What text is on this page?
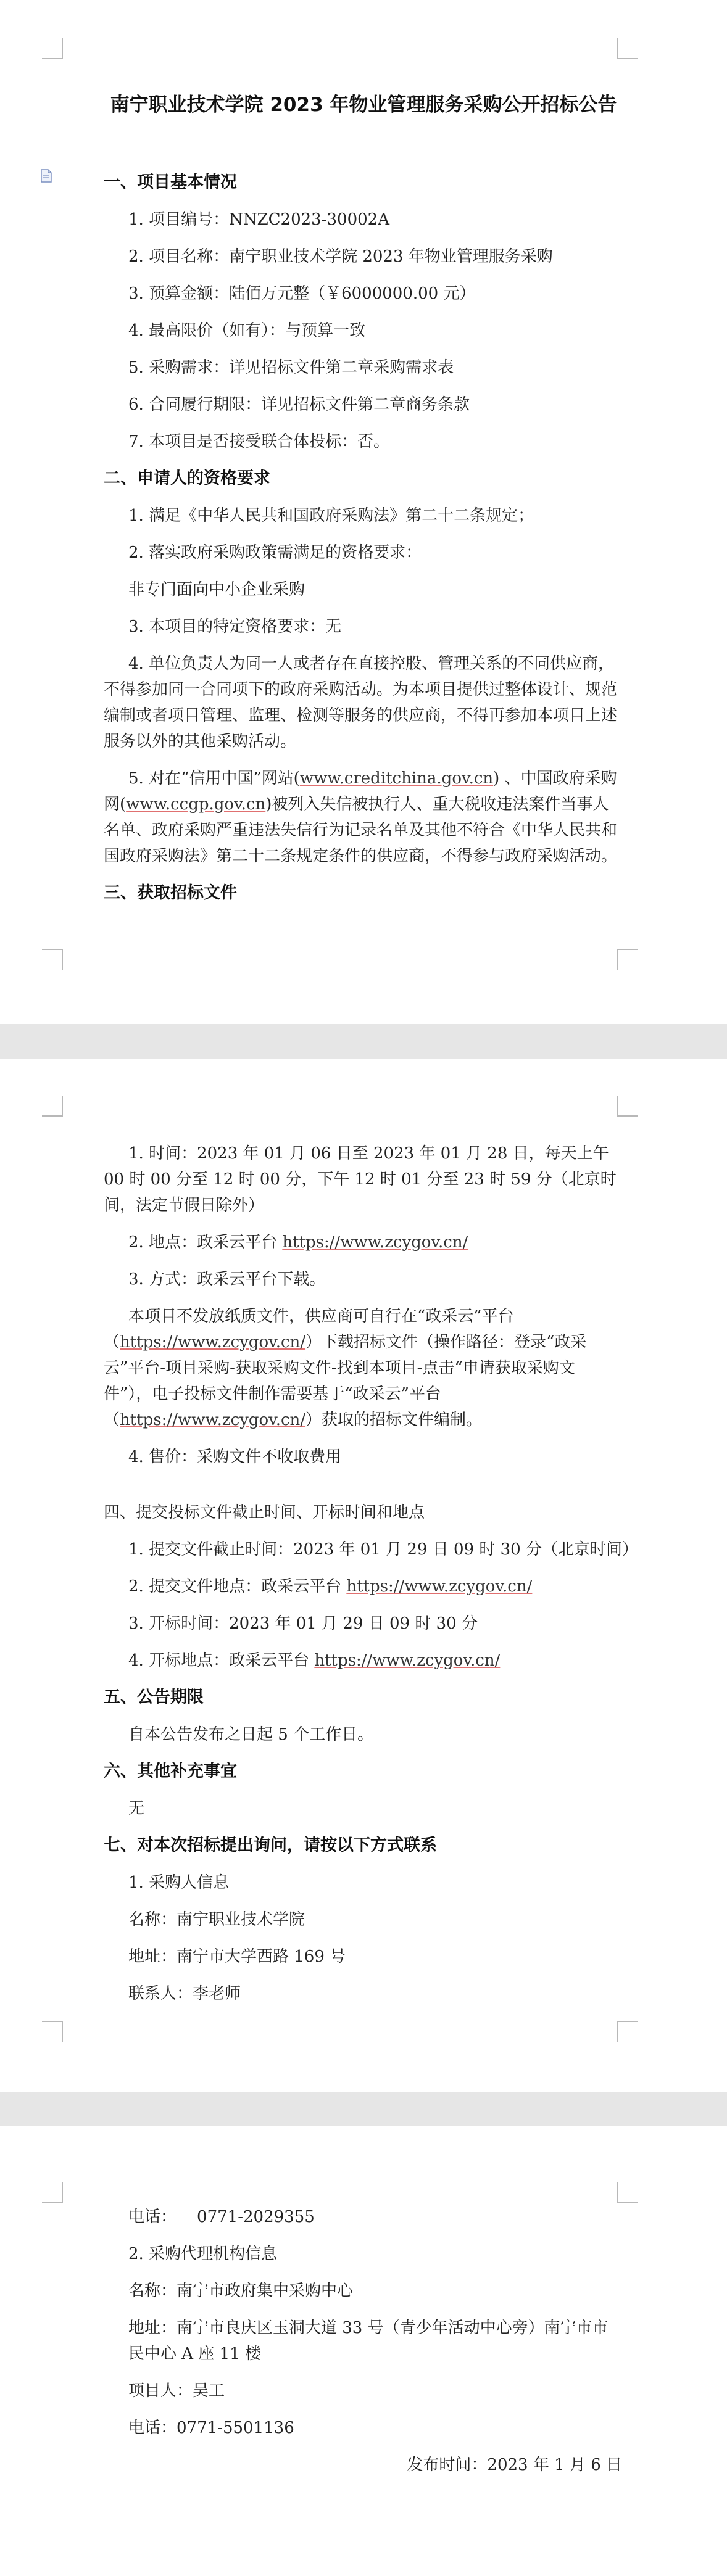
南宁职业技术学院 2023 年物业管理服务采购公开招标公告
一、项目基本情况
1. 项目编号：NNZC2023-30002A
2. 项目名称：南宁职业技术学院 2023 年物业管理服务采购
3. 预算金额：陆佰万元整（￥6000000.00 元）
4. 最高限价（如有）：与预算一致
5. 采购需求：详见招标文件第二章采购需求表
6. 合同履行期限：详见招标文件第二章商务条款
7. 本项目是否接受联合体投标：否。
二、申请人的资格要求
1. 满足《中华人民共和国政府采购法》第二十二条规定；
2. 落实政府采购政策需满足的资格要求：
非专门面向中小企业采购
3. 本项目的特定资格要求：无
4. 单位负责人为同一人或者存在直接控股、管理关系的不同供应商，不得参加同一合同项下的政府采购活动。为本项目提供过整体设计、规范编制或者项目管理、监理、检测等服务的供应商，不得再参加本项目上述服务以外的其他采购活动。
5. 对在“信用中国”网站(www.creditchina.gov.cn) 、中国政府采购网(www.ccgp.gov.cn)被列入失信被执行人、重大税收违法案件当事人名单、政府采购严重违法失信行为记录名单及其他不符合《中华人民共和国政府采购法》第二十二条规定条件的供应商，不得参与政府采购活动。
三、获取招标文件
1. 时间：2023 年 01 月 06 日至 2023 年 01 月 28 日，每天上午 00 时 00 分至 12 时 00 分，下午 12 时 01 分至 23 时 59 分（北京时间，法定节假日除外）
2. 地点：政采云平台 https://www.zcygov.cn/
3. 方式：政采云平台下载。
本项目不发放纸质文件，供应商可自行在“政采云”平台（https://www.zcygov.cn/）下载招标文件（操作路径：登录“政采云”平台-项目采购-获取采购文件-找到本项目-点击“申请获取采购文件”），电子投标文件制作需要基于“政采云”平台（https://www.zcygov.cn/）获取的招标文件编制。
4. 售价：采购文件不收取费用
四、提交投标文件截止时间、开标时间和地点
1. 提交文件截止时间：2023 年 01 月 29 日 09 时 30 分（北京时间）
2. 提交文件地点：政采云平台 https://www.zcygov.cn/
3. 开标时间：2023 年 01 月 29 日 09 时 30 分
4. 开标地点：政采云平台 https://www.zcygov.cn/
五、公告期限
自本公告发布之日起 5 个工作日。
六、其他补充事宜
无
七、对本次招标提出询问，请按以下方式联系
1. 采购人信息
名称：南宁职业技术学院
地址：南宁市大学西路 169 号
联系人：李老师
电话：    0771-2029355
2. 采购代理机构信息
名称：南宁市政府集中采购中心
地址：南宁市良庆区玉洞大道 33 号（青少年活动中心旁）南宁市市民中心 A 座 11 楼
项目人：吴工
电话：0771-5501136
发布时间：2023 年 1 月 6 日
